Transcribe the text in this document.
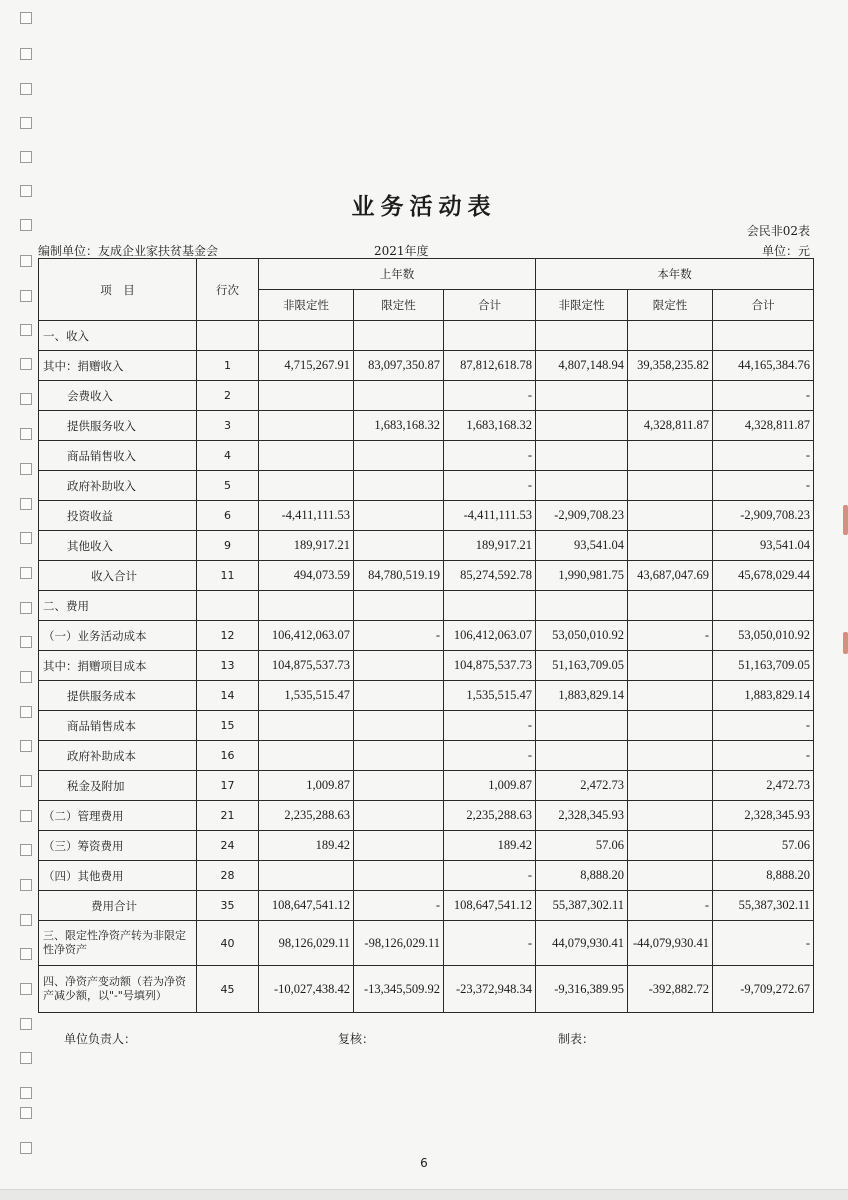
业务活动表
会民非02表
编制单位：友成企业家扶贫基金会	2021年度	单位：元
项　目	行次	上年数			本年数		
		非限定性	限定性	合计	非限定性	限定性	合计
一、收入							
其中：捐赠收入	1	4,715,267.91	83,097,350.87	87,812,618.78	4,807,148.94	39,358,235.82	44,165,384.76
会费收入	2			-			-
提供服务收入	3		1,683,168.32	1,683,168.32		4,328,811.87	4,328,811.87
商品销售收入	4			-			-
政府补助收入	5			-			-
投资收益	6	-4,411,111.53		-4,411,111.53	-2,909,708.23		-2,909,708.23
其他收入	9	189,917.21		189,917.21	93,541.04		93,541.04
收入合计	11	494,073.59	84,780,519.19	85,274,592.78	1,990,981.75	43,687,047.69	45,678,029.44
二、费用							
（一）业务活动成本	12	106,412,063.07	-	106,412,063.07	53,050,010.92	-	53,050,010.92
其中：捐赠项目成本	13	104,875,537.73		104,875,537.73	51,163,709.05		51,163,709.05
提供服务成本	14	1,535,515.47		1,535,515.47	1,883,829.14		1,883,829.14
商品销售成本	15			-			-
政府补助成本	16			-			-
税金及附加	17	1,009.87		1,009.87	2,472.73		2,472.73
（二）管理费用	21	2,235,288.63		2,235,288.63	2,328,345.93		2,328,345.93
（三）筹资费用	24	189.42		189.42	57.06		57.06
（四）其他费用	28			-	8,888.20		8,888.20
费用合计	35	108,647,541.12	-	108,647,541.12	55,387,302.11	-	55,387,302.11
三、限定性净资产转为非限定性净资产	40	98,126,029.11	-98,126,029.11	-	44,079,930.41	-44,079,930.41	-
四、净资产变动额（若为净资产减少额，以"-"号填列）	45	-10,027,438.42	-13,345,509.92	-23,372,948.34	-9,316,389.95	-392,882.72	-9,709,272.67
单位负责人：	复核：	制表：
6
